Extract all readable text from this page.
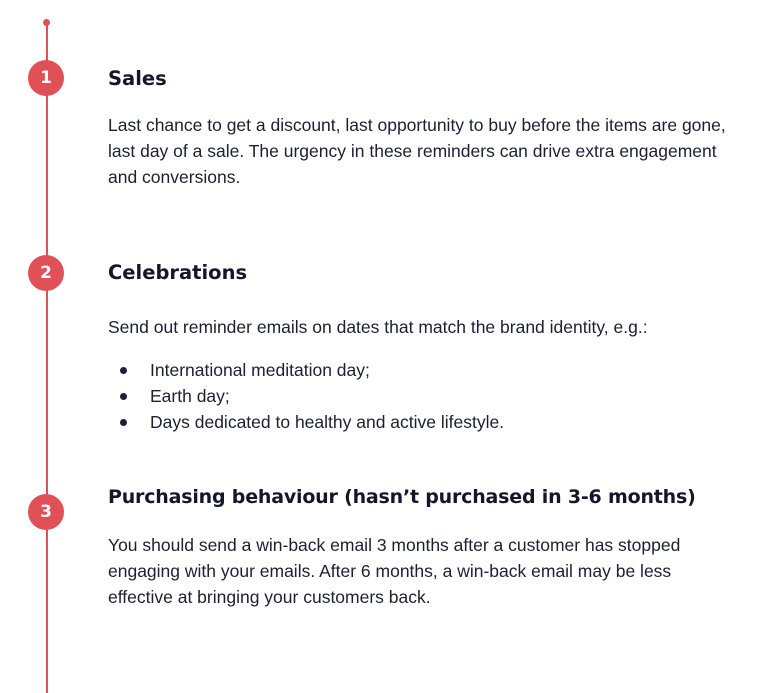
1	Sales

Last chance to get a discount, last opportunity to buy before the items are gone, last day of a sale. The urgency in these reminders can drive extra engagement and conversions.

2	Celebrations

Send out reminder emails on dates that match the brand identity, e.g.:

International meditation day;
Earth day;
Days dedicated to healthy and active lifestyle.
3
Purchasing behaviour (hasn’t purchased in 3-6 months)

You should send a win-back email 3 months after a customer has stopped engaging with your emails. After 6 months, a win-back email may be less effective at bringing your customers back.
